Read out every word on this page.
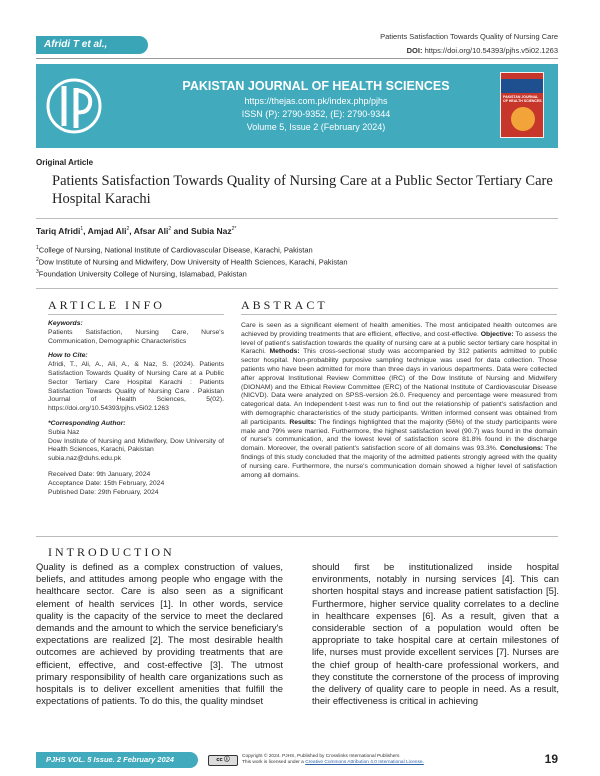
Afridi T et al.,
Patients Satisfaction Towards Quality of Nursing Care
DOI: https://doi.org/10.54393/pjhs.v5i02.1263
PAKISTAN JOURNAL OF HEALTH SCIENCES
https://thejas.com.pk/index.php/pjhs
ISSN (P): 2790-9352, (E): 2790-9344
Volume 5, Issue 2 (February 2024)
PAKISTAN JOURNAL OF HEALTH SCIENCES
Original Article
Patients Satisfaction Towards Quality of Nursing Care at a Public Sector Tertiary Care Hospital Karachi
Tariq Afridi$^1$, Amjad Ali$^2$, Afsar Ali$^2$ and Subia Naz$^{2*}$
$^1$College of Nursing, National Institute of Cardiovascular Disease, Karachi, Pakistan
$^2$Dow Institute of Nursing and Midwifery, Dow University of Health Sciences, Karachi, Pakistan
$^3$Foundation University College of Nursing, Islamabad, Pakistan
ARTICLE INFO	ABSTRACT
Keywords:

Patients Satisfaction, Nursing Care, Nurse's Communication, Demographic Characteristics

How to Cite:

Afridi, T., Ali, A., Ali, A., & Naz, S. (2024). Patients Satisfaction Towards Quality of Nursing Care at a Public Sector Tertiary Care Hospital Karachi : Patients Satisfaction Towards Quality of Nursing Care . Pakistan Journal of Health Sciences, 5(02). https://doi.org/10.54393/pjhs.v5i02.1263

*Corresponding Author:

Subia Naz

Dow Institute of Nursing and Midwifery, Dow University of Health Sciences, Karachi, Pakistan

subia.naz@duhs.edu.pk

Received Date: 9th January, 2024

Acceptance Date: 15th February, 2024

Published Date: 29th February, 2024

Care is seen as a significant element of health amenities. The most anticipated health outcomes are achieved by providing treatments that are efficient, effective, and cost-effective. Objective: To assess the level of patient's satisfaction towards the quality of nursing care at a public sector tertiary care hospital in Karachi. Methods: This cross-sectional study was accompanied by 312 patients admitted to public sector hospital. Non-probability purposive sampling technique was used for data collection. Those patients who have been admitted for more than three days in various departments. Data were collected after approval Institutional Review Committee (IRC) of the Dow Institute of Nursing and Midwifery (DIONAM) and the Ethical Review Committee (ERC) of the National Institute of Cardiovascular Disease (NICVD). Data were analyzed on SPSS-version 26.0. Frequency and percentage were measured from categorical data. An Independent t-test was run to find out the relationship of patient's satisfaction and with demographic characteristics of the study participants. Written informed consent was obtained from all participants. Results: The findings highlighted that the majority (56%) of the study participants were male and 79% were married. Furthermore, the highest satisfaction level (90.7) was found in the domain of nurse's communication, and the lowest level of satisfaction score 81.8% found in the discharge domain. Moreover, the overall patient's satisfaction score of all domains was 93.3%. Conclusions: The findings of this study concluded that the majority of the admitted patients strongly agreed with the quality of nursing care. Furthermore, the nurse's communication domain showed a higher level of satisfaction among all domains.
INTRODUCTION
Quality is defined as a complex construction of values, beliefs, and attitudes among people who engage with the healthcare sector. Care is also seen as a significant element of health services [1]. In other words, service quality is the capacity of the service to meet the declared demands and the amount to which the service beneficiary's expectations are realized [2]. The most desirable health outcomes are achieved by providing treatments that are efficient, effective, and cost-effective [3]. The utmost primary responsibility of health care organizations such as hospitals is to deliver excellent amenities that fulfill the expectations of patients. To do this, the quality mindset
should first be institutionalized inside hospital environments, notably in nursing services [4]. This can shorten hospital stays and increase patient satisfaction [5]. Furthermore, higher service quality correlates to a decline in healthcare expenses [6]. As a result, given that a considerable section of a population would often be appropriate to take hospital care at certain milestones of life, nurses must provide excellent services [7]. Nurses are the chief group of health-care professional workers, and they constitute the cornerstone of the process of improving the delivery of quality care to people in need. As a result, their effectiveness is critical in achieving
PJHS VOL. 5 Issue. 2 February 2024	cc ⓘ
Copyright © 2024. PJHS, Published by Crosslinks International Publishers
This work is licensed under a Creative Commons Attribution 4.0 International License.	19
